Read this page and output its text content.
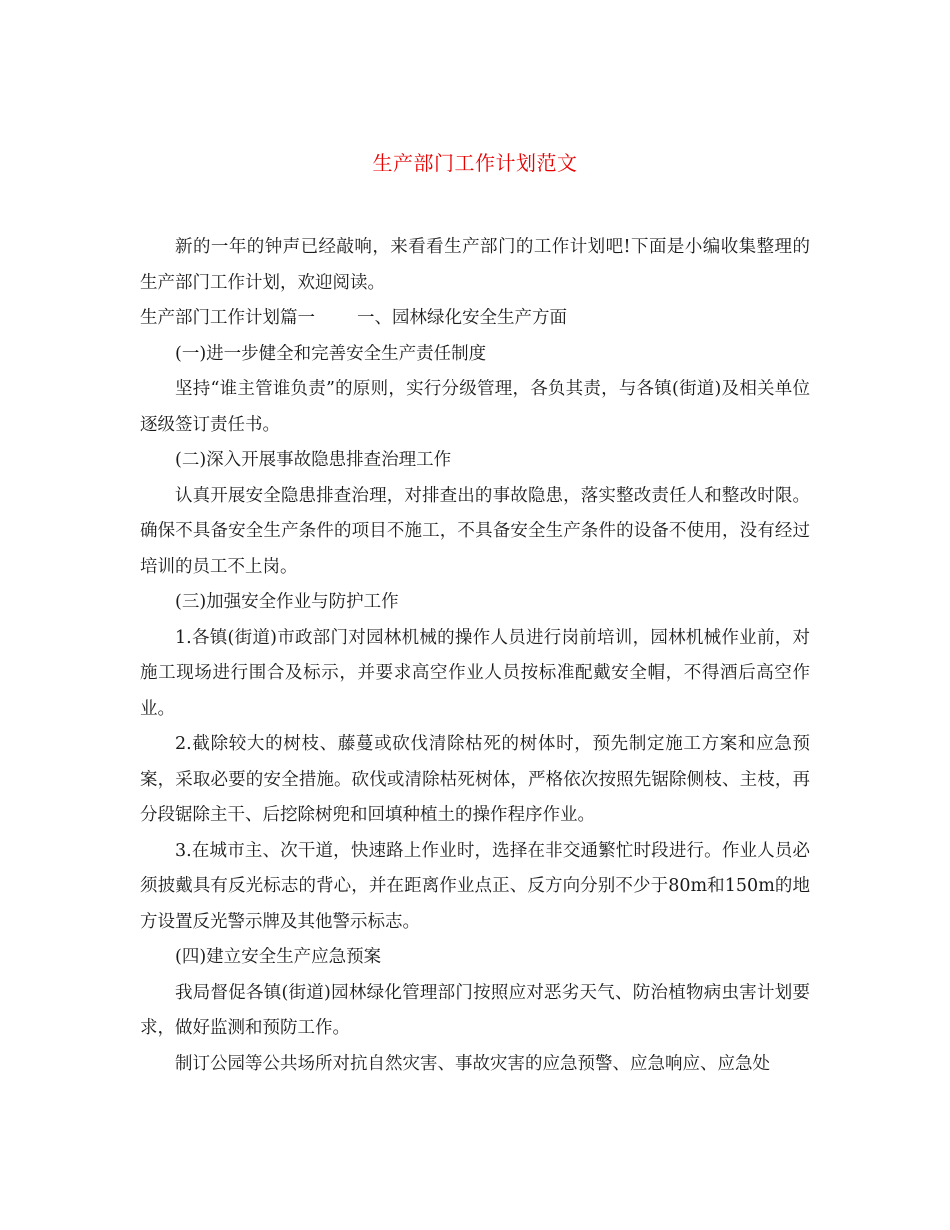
生产部门工作计划范文

新的一年的钟声已经敲响，来看看生产部门的工作计划吧!下面是小编收集整理的生产部门工作计划，欢迎阅读。

生产部门工作计划篇一 一、园林绿化安全生产方面

(一)进一步健全和完善安全生产责任制度

坚持“谁主管谁负责”的原则，实行分级管理，各负其责，与各镇(街道)及相关单位逐级签订责任书。

(二)深入开展事故隐患排查治理工作

认真开展安全隐患排查治理，对排查出的事故隐患，落实整改责任人和整改时限。确保不具备安全生产条件的项目不施工，不具备安全生产条件的设备不使用，没有经过培训的员工不上岗。

(三)加强安全作业与防护工作

1.各镇(街道)市政部门对园林机械的操作人员进行岗前培训，园林机械作业前，对施工现场进行围合及标示，并要求高空作业人员按标准配戴安全帽，不得酒后高空作业。

2.截除较大的树枝、藤蔓或砍伐清除枯死的树体时，预先制定施工方案和应急预案，采取必要的安全措施。砍伐或清除枯死树体，严格依次按照先锯除侧枝、主枝，再分段锯除主干、后挖除树兜和回填种植土的操作程序作业。

3.在城市主、次干道，快速路上作业时，选择在非交通繁忙时段进行。作业人员必须披戴具有反光标志的背心，并在距离作业点正、反方向分别不少于80m和150m的地方设置反光警示牌及其他警示标志。

(四)建立安全生产应急预案

我局督促各镇(街道)园林绿化管理部门按照应对恶劣天气、防治植物病虫害计划要求，做好监测和预防工作。

制订公园等公共场所对抗自然灾害、事故灾害的应急预警、应急响应、应急处
